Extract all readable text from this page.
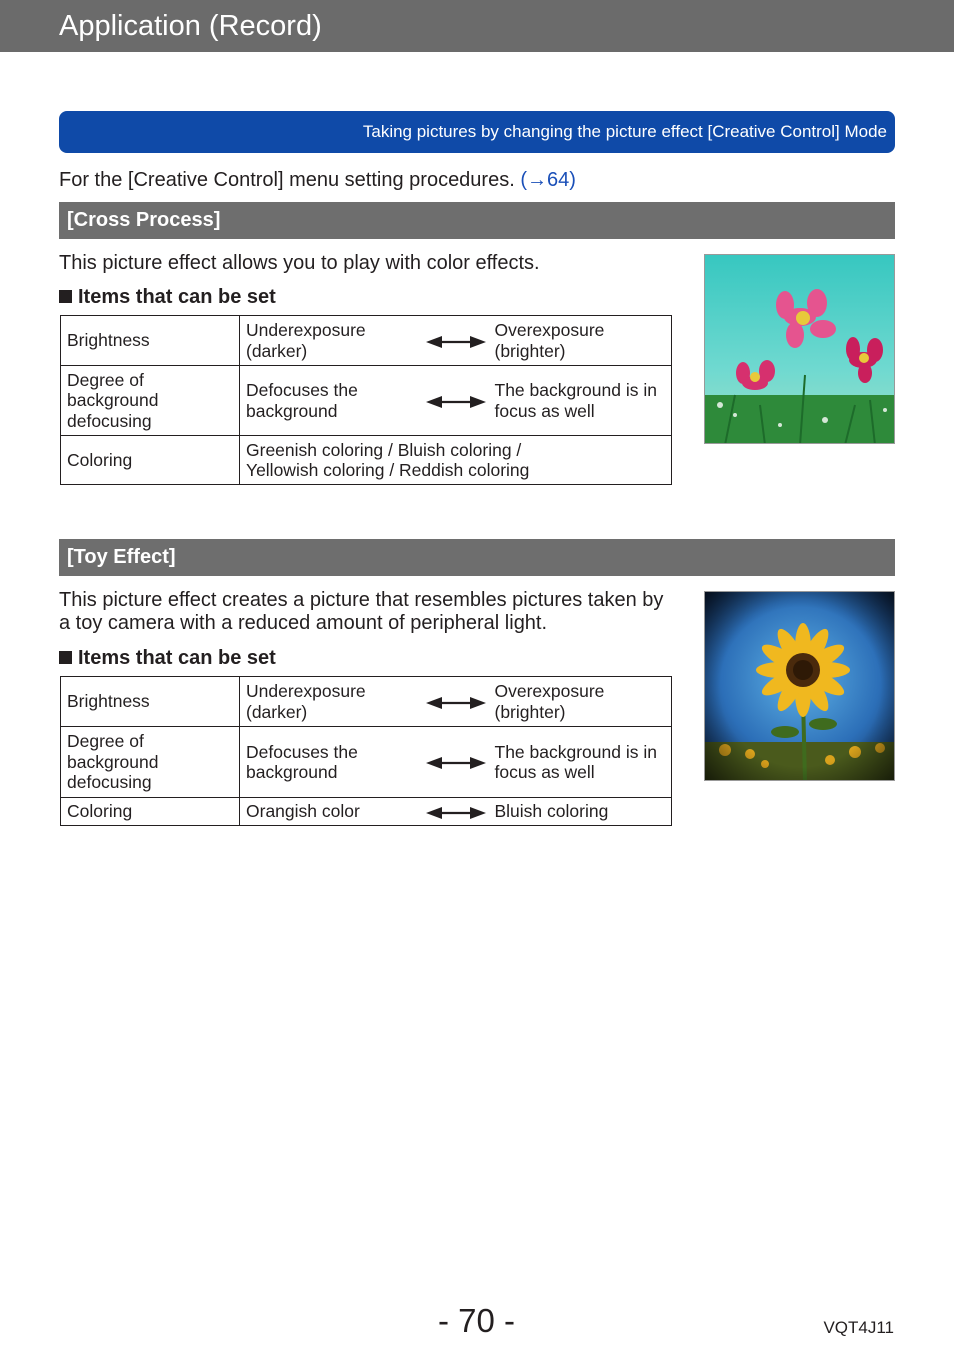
Application (Record)
Taking pictures by changing the picture effect [Creative Control] Mode
For the [Creative Control] menu setting procedures. (→64)
[Cross Process]
This picture effect allows you to play with color effects.
Items that can be set
Brightness	Underexposure (darker)		Overexposure (brighter)
Degree of background defocusing	Defocuses the background		The background is in focus as well
Coloring	Greenish coloring / Bluish coloring / Yellowish coloring / Reddish coloring		
[Toy Effect]
This picture effect creates a picture that resembles pictures taken by a toy camera with a reduced amount of peripheral light.
Items that can be set
Brightness	Underexposure (darker)		Overexposure (brighter)
Degree of background defocusing	Defocuses the background		The background is in focus as well
Coloring	Orangish color		Bluish coloring
- 70 -	VQT4J11
